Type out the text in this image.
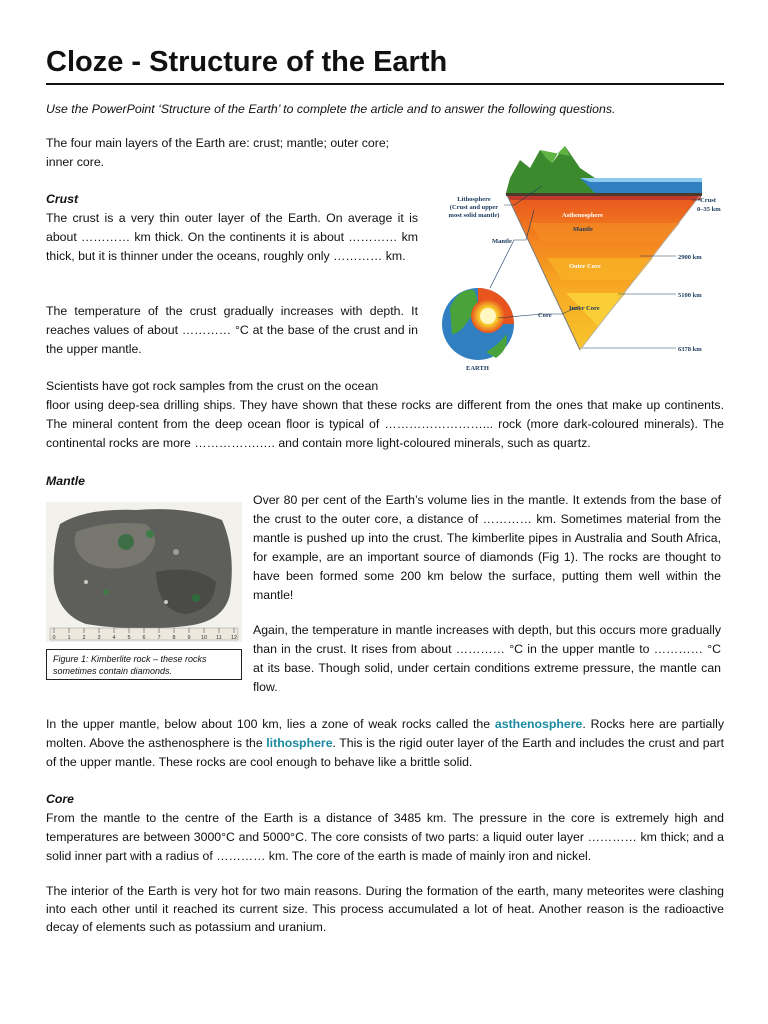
Cloze - Structure of the Earth

Use the PowerPoint ‘Structure of the Earth’ to complete the article and to answer the following questions.

The four main layers of the Earth are: crust; mantle; outer core;

inner core.

Crust

The crust is a very thin outer layer of the Earth. On average it is about ………… km thick. On the continents it is about ………… km thick, but it is thinner under the oceans, roughly only ………… km.

The temperature of the crust gradually increases with depth. It reaches values of about ………… °C at the base of the crust and in the upper mantle.

Scientists have got rock samples from the crust on the ocean

floor using deep-sea drilling ships. They have shown that these rocks are different from the ones that make up continents. The mineral content from the deep ocean floor is typical of ……………………... rock (more dark-coloured minerals). The continental rocks are more …………….…. and contain more light-coloured minerals, such as quartz.

Lithosphere
(Crust and upper
most solid mantle)
Crust
0–35 km
Asthenosphere
Mantle
Mantle
Outer Core
Inner Core
Core
EARTH
2900 km
5100 km
6378 km

Mantle

0 1 2 3 4 5 6 7 8 9 10 11 12
Figure 1: Kimberlite rock – these rocks sometimes contain diamonds.

Over 80 per cent of the Earth’s volume lies in the mantle. It extends from the base of the crust to the outer core, a distance of ………… km. Sometimes material from the mantle is pushed up into the crust. The kimberlite pipes in Australia and South Africa, for example, are an important source of diamonds (Fig 1). The rocks are thought to have been formed some 200 km below the surface, putting them well within the mantle!

Again, the temperature in mantle increases with depth, but this occurs more gradually than in the crust. It rises from about ………… °C in the upper mantle to ………… °C at its base. Though solid, under certain conditions extreme pressure, the mantle can flow.

In the upper mantle, below about 100 km, lies a zone of weak rocks called the asthenosphere. Rocks here are partially molten. Above the asthenosphere is the lithosphere. This is the rigid outer layer of the Earth and includes the crust and part of the upper mantle. These rocks are cool enough to behave like a brittle solid.

Core

From the mantle to the centre of the Earth is a distance of 3485 km. The pressure in the core is extremely high and temperatures are between 3000°C and 5000°C. The core consists of two parts: a liquid outer layer ………… km thick; and a solid inner part with a radius of ………… km. The core of the earth is made of mainly iron and nickel.

The interior of the Earth is very hot for two main reasons. During the formation of the earth, many meteorites were clashing into each other until it reached its current size. This process accumulated a lot of heat. Another reason is the radioactive decay of elements such as potassium and uranium.
